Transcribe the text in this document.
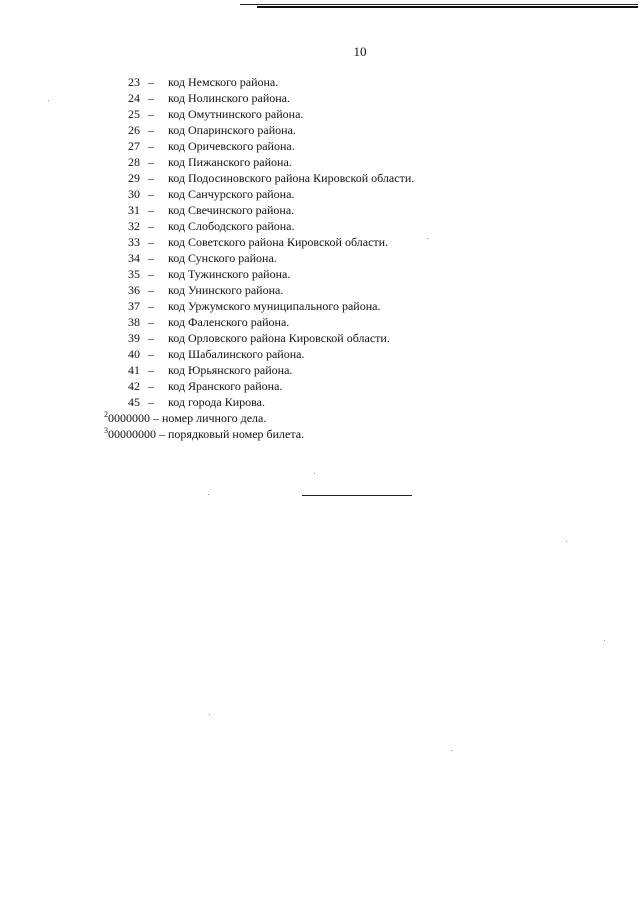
10
23 – код Немского района.
24 – код Нолинского района.
25 – код Омутнинского района.
26 – код Опаринского района.
27 – код Оричевского района.
28 – код Пижанского района.
29 – код Подосиновского района Кировской области.
30 – код Санчурского района.
31 – код Свечинского района.
32 – код Слободского района.
33 – код Советского района Кировской области.
34 – код Сунского района.
35 – код Тужинского района.
36 – код Унинского района.
37 – код Уржумского муниципального района.
38 – код Фаленского района.
39 – код Орловского района Кировской области.
40 – код Шабалинского района.
41 – код Юрьянского района.
42 – код Яранского района.
45 – код города Кирова.
$^2$0000000 – номер личного дела.
$^3$00000000 – порядковый номер билета.
